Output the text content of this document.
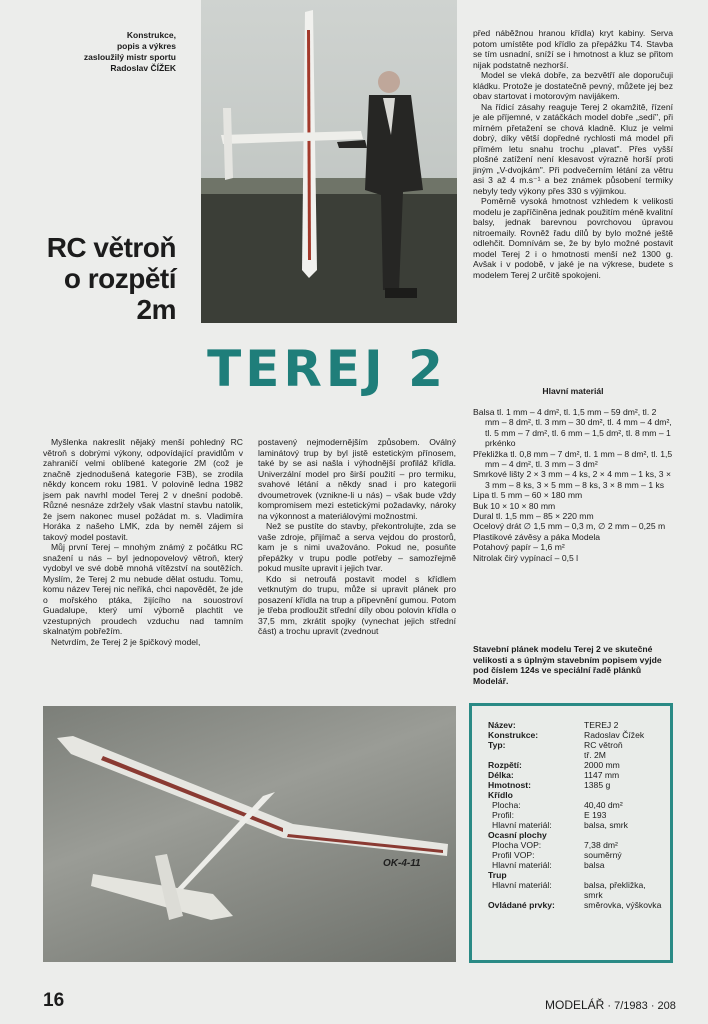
Konstrukce,
popis a výkres
zasloužilý mistr sportu
Radoslav ČÍŽEK
RC větroň
o rozpětí
2m
TEREJ 2

Myšlenka nakreslit nějaký menší pohledný RC větroň s dobrými výkony, odpovídající pravidlům v zahraničí velmi oblíbené kategorie 2M (což je značně zjednodušená kategorie F3B), se zrodila někdy koncem roku 1981. V polovině ledna 1982 jsem pak navrhl model Terej 2 v dnešní podobě. Různé nesnáze zdržely však vlastní stavbu natolik, že jsem nakonec musel požádat m. s. Vladimíra Horáka z našeho LMK, zda by neměl zájem si takový model postavit.

Můj první Terej – mnohým známý z počátku RC snažení u nás – byl jednopovelový větroň, který vydobyl ve své době mnohá vítězství na soutěžích. Myslím, že Terej 2 mu nebude dělat ostudu. Tomu, komu název Terej nic neříká, chci napovědět, že jde o mořského ptáka, žijícího na souostroví Guadalupe, který umí výborně plachtit ve vzestupných proudech vzduchu nad tamním skalnatým pobřežím.

Netvrdím, že Terej 2 je špičkový model,

postavený nejmodernějším způsobem. Oválný laminátový trup by byl jistě estetickým přínosem, také by se asi našla i výhodnější profiláž křídla. Univerzální model pro širší použití – pro termiku, svahové létání a někdy snad i pro kategorii dvoumetrovek (vznikne-li u nás) – však bude vždy kompromisem mezi estetickými požadavky, nároky na výkonnost a materiálovými možnostmi.

Než se pustíte do stavby, překontrolujte, zda se vaše zdroje, přijímač a serva vejdou do prostorů, kam je s nimi uvažováno. Pokud ne, posuňte přepážky v trupu podle potřeby – samozřejmě pokud musíte upravit i jejich tvar.

Kdo si netroufá postavit model s křídlem vetknutým do trupu, může si upravit plánek pro posazení křídla na trup a připevnění gumou. Potom je třeba prodloužit střední díly obou polovin křídla o 37,5 mm, zkrátit spojky (vynechat jejich střední část) a trochu upravit (zvednout

před náběžnou hranou křídla) kryt kabiny. Serva potom umístěte pod křídlo za přepážku T4. Stavba se tím usnadní, sníží se i hmotnost a kluz se přitom nijak podstatně nezhorší.

Model se vleká dobře, za bezvětří ale doporučuji kládku. Protože je dostatečně pevný, můžete jej bez obav startovat i motorovým navijákem.

Na řídicí zásahy reaguje Terej 2 okamžitě, řízení je ale příjemné, v zatáčkách model dobře „sedí", při mírném přetažení se chová kladně. Kluz je velmi dobrý, díky větší dopředné rychlosti má model při přímém letu snahu trochu „plavat". Přes vyšší plošné zatížení není klesavost výrazně horší proti jiným „V-dvojkám". Při podvečerním létání za větru asi 3 až 4 m.s⁻¹ a bez známek působení termiky nebyly tedy výkony přes 330 s výjimkou.

Poměrně vysoká hmotnost vzhledem k velikosti modelu je zapříčiněna jednak použitím méně kvalitní balsy, jednak barevnou povrchovou úpravou nitroemaily. Rovněž řadu dílů by bylo možné ještě odlehčit. Domnívám se, že by bylo možné postavit model Terej 2 i o hmotnosti menší než 1300 g. Avšak i v podobě, v jaké je na výkrese, budete s modelem Terej 2 určitě spokojeni.

Hlavní materiál
Balsa tl. 1 mm – 4 dm², tl. 1,5 mm – 59 dm², tl. 2 mm – 8 dm², tl. 3 mm – 30 dm², tl. 4 mm – 4 dm², tl. 5 mm – 7 dm², tl. 6 mm – 1,5 dm², tl. 8 mm – 1 prkénko
Překližka tl. 0,8 mm – 7 dm², tl. 1 mm – 8 dm², tl. 1,5 mm – 4 dm², tl. 3 mm – 3 dm²
Smrkové lišty 2 × 3 mm – 4 ks, 2 × 4 mm – 1 ks, 3 × 3 mm – 8 ks, 3 × 5 mm – 8 ks, 3 × 8 mm – 1 ks
Lipa tl. 5 mm – 60 × 180 mm
Buk 10 × 10 × 80 mm
Dural tl. 1,5 mm – 85 × 220 mm
Ocelový drát ∅ 1,5 mm – 0,3 m, ∅ 2 mm – 0,25 m
Plastikové závěsy a páka Modela
Potahový papír – 1,6 m²
Nitrolak čirý vypínací – 0,5 l
Stavební plánek modelu Terej 2 ve skutečné velikosti a s úplným stavebním popisem vyjde pod číslem 124s ve speciální řadě plánků Modelář.
OK-4-11
Název:	TEREJ 2
Konstrukce:	Radoslav Čížek
Typ:	RC větroň
	tř. 2M
Rozpětí:	2000 mm
Délka:	1147 mm
Hmotnost:	1385 g
Křídlo	
Plocha:	40,40 dm²
Profil:	E 193
Hlavní materiál:	balsa, smrk
Ocasní plochy	
Plocha VOP:	7,38 dm²
Profil VOP:	souměrný
Hlavní materiál:	balsa
Trup	
Hlavní materiál:	balsa, překližka, smrk
Ovládané prvky:	směrovka, výškovka
16	MODELÁŘ · 7/1983 · 208
